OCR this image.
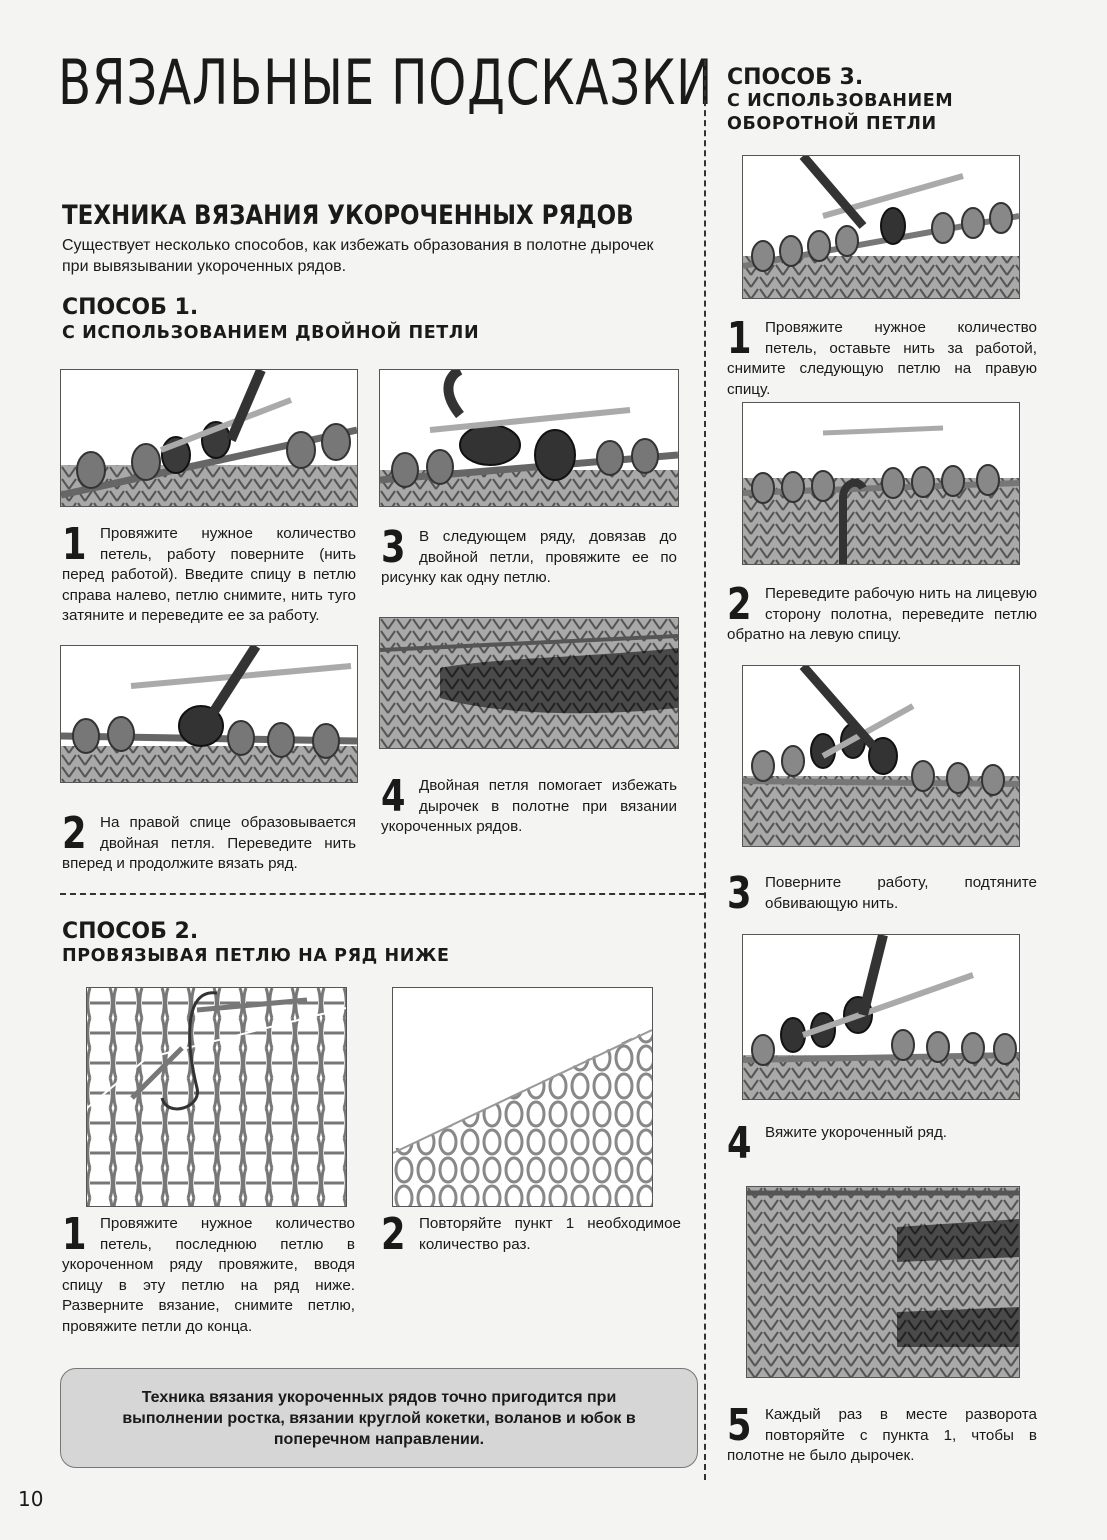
ВЯЗАЛЬНЫЕ ПОДСКАЗКИ
ТЕХНИКА ВЯЗАНИЯ УКОРОЧЕННЫХ РЯДОВ
Существует несколько способов, как избежать образования в полотне дырочек при вывязывании укороченных рядов.
СПОСОБ 1.
С ИСПОЛЬЗОВАНИЕМ ДВОЙНОЙ ПЕТЛИ
1 Провяжите нужное количество петель, работу поверните (нить перед работой). Введите спицу в петлю справа налево, петлю снимите, нить туго затяните и переведите ее за работу.
3 В следующем ряду, довязав до двойной петли, провяжите ее по рисунку как одну петлю.
2 На правой спице образовывается двойная петля. Переведите нить вперед и продолжите вязать ряд.
4 Двойная петля помогает избежать дырочек в полотне при вязании укороченных рядов.
СПОСОБ 2.
ПРОВЯЗЫВАЯ ПЕТЛЮ НА РЯД НИЖЕ
1 Провяжите нужное количество петель, последнюю петлю в укороченном ряду провяжите, вводя спицу в эту петлю на ряд ниже. Разверните вязание, снимите петлю, провяжите петли до конца.
2 Повторяйте пункт 1 необходимое количество раз.
Техника вязания укороченных рядов точно пригодится при выполнении ростка, вязании круглой кокетки, воланов и юбок в поперечном направлении.
СПОСОБ 3.
С ИСПОЛЬЗОВАНИЕМ
ОБОРОТНОЙ ПЕТЛИ
1 Провяжите нужное количество петель, оставьте нить за работой, снимите следующую петлю на правую спицу.
2 Переведите рабочую нить на лицевую сторону полотна, переведите петлю обратно на левую спицу.
3 Поверните работу, подтяните обвивающую нить.
4 Вяжите укороченный ряд.
5 Каждый раз в месте разворота повторяйте с пункта 1, чтобы в полотне не было дырочек.
10
